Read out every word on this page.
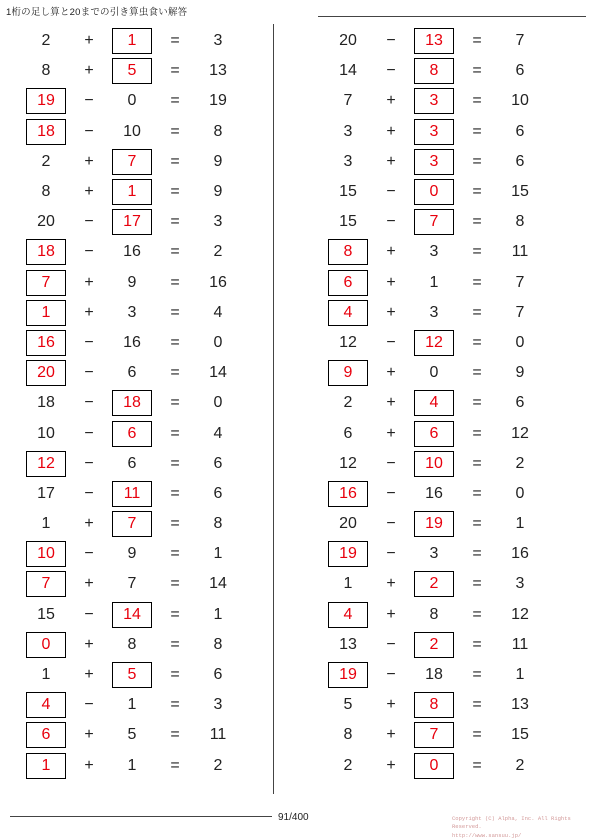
1桁の足し算と20までの引き算虫食い解答
2	+	1	=	3
8	+	5	=	13
19	−	0	=	19
18	−	10	=	8
2	+	7	=	9
8	+	1	=	9
20	−	17	=	3
18	−	16	=	2
7	+	9	=	16
1	+	3	=	4
16	−	16	=	0
20	−	6	=	14
18	−	18	=	0
10	−	6	=	4
12	−	6	=	6
17	−	11	=	6
1	+	7	=	8
10	−	9	=	1
7	+	7	=	14
15	−	14	=	1
0	+	8	=	8
1	+	5	=	6
4	−	1	=	3
6	+	5	=	11
1	+	1	=	2
20	−	13	=	7
14	−	8	=	6
7	+	3	=	10
3	+	3	=	6
3	+	3	=	6
15	−	0	=	15
15	−	7	=	8
8	+	3	=	11
6	+	1	=	7
4	+	3	=	7
12	−	12	=	0
9	+	0	=	9
2	+	4	=	6
6	+	6	=	12
12	−	10	=	2
16	−	16	=	0
20	−	19	=	1
19	−	3	=	16
1	+	2	=	3
4	+	8	=	12
13	−	2	=	11
19	−	18	=	1
5	+	8	=	13
8	+	7	=	15
2	+	0	=	2
91/400	Copyright (C) Alpha, Inc. All Rights Reserved.
http://www.sansuu.jp/
